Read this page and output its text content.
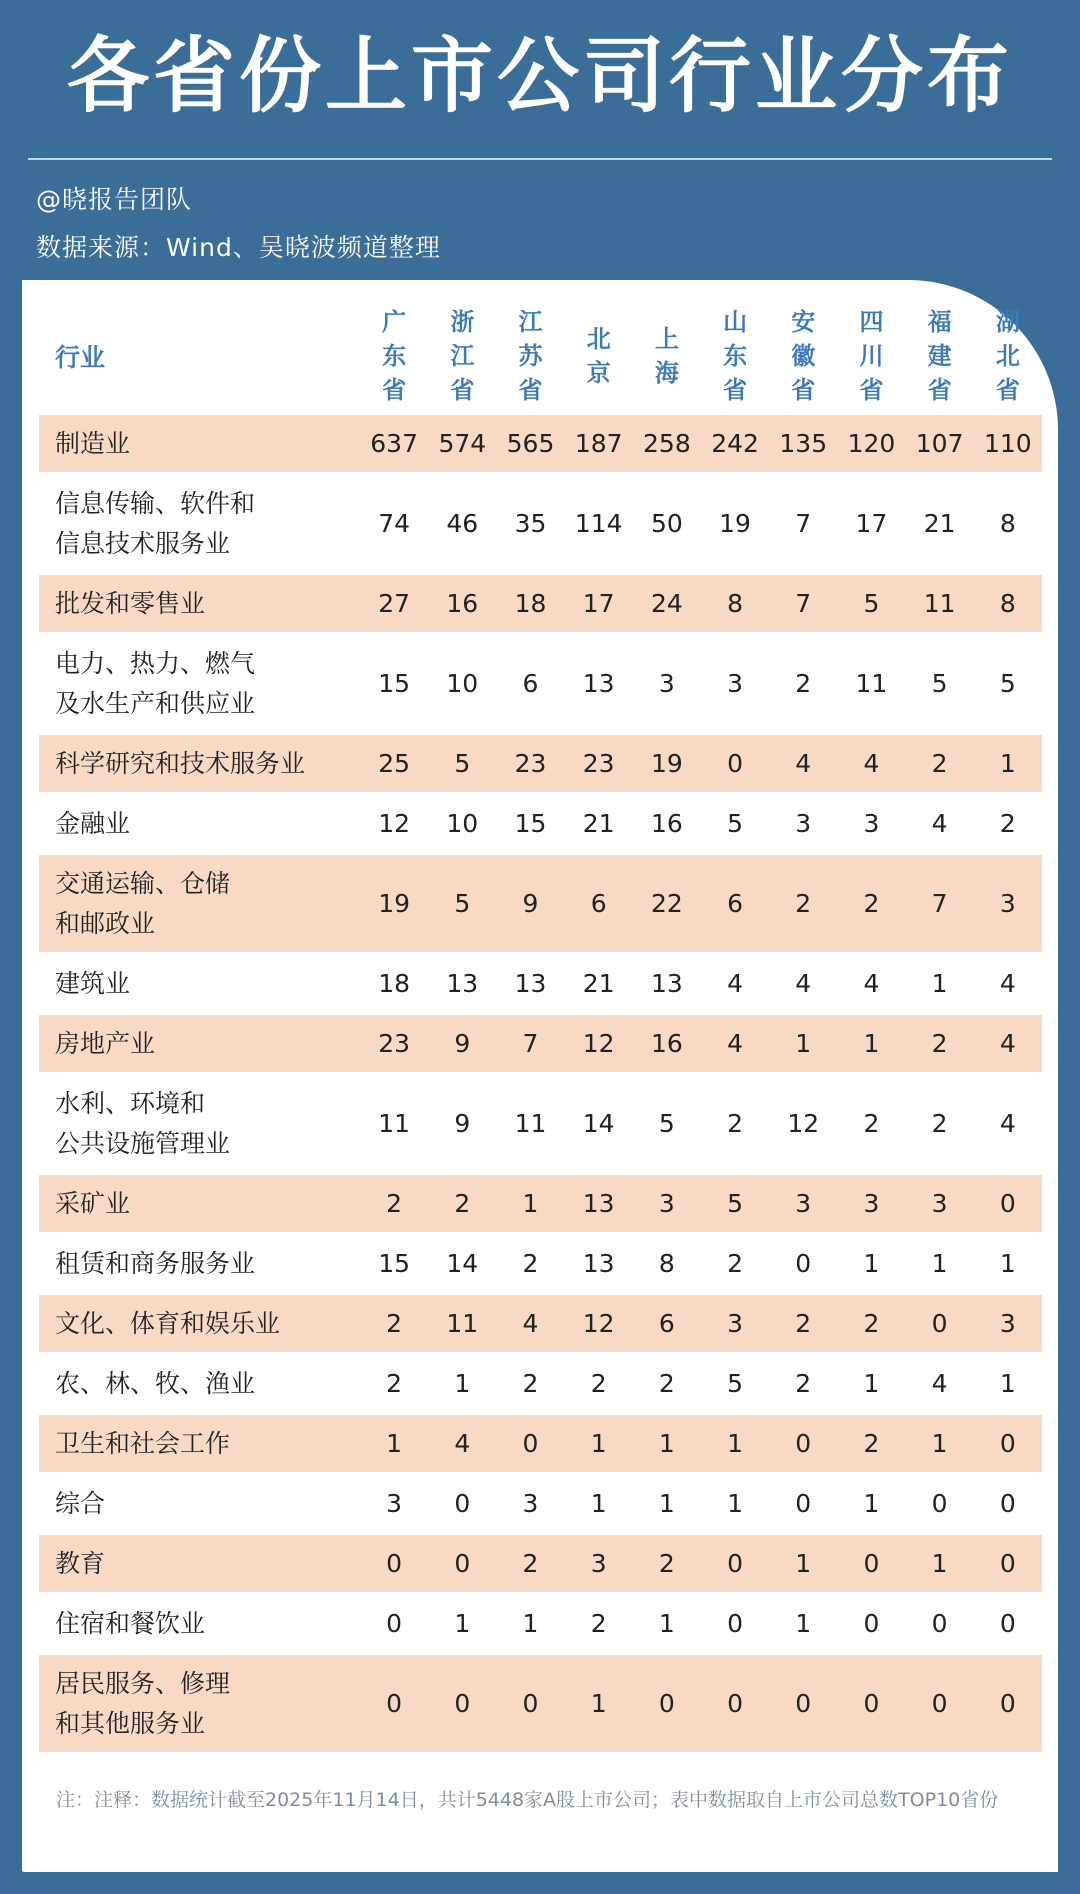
各省份上市公司行业分布

@晓报告团队

数据来源：Wind、吴晓波频道整理

行业	广东省	浙江省	江苏省	北京	上海	山东省	安徽省	四川省	福建省	湖北省
制造业	637	574	565	187	258	242	135	120	107	110
信息传输、软件和
信息技术服务业	74	46	35	114	50	19	7	17	21	8
批发和零售业	27	16	18	17	24	8	7	5	11	8
电力、热力、燃气
及水生产和供应业	15	10	6	13	3	3	2	11	5	5
科学研究和技术服务业	25	5	23	23	19	0	4	4	2	1
金融业	12	10	15	21	16	5	3	3	4	2
交通运输、仓储
和邮政业	19	5	9	6	22	6	2	2	7	3
建筑业	18	13	13	21	13	4	4	4	1	4
房地产业	23	9	7	12	16	4	1	1	2	4
水利、环境和
公共设施管理业	11	9	11	14	5	2	12	2	2	4
采矿业	2	2	1	13	3	5	3	3	3	0
租赁和商务服务业	15	14	2	13	8	2	0	1	1	1
文化、体育和娱乐业	2	11	4	12	6	3	2	2	0	3
农、林、牧、渔业	2	1	2	2	2	5	2	1	4	1
卫生和社会工作	1	4	0	1	1	1	0	2	1	0
综合	3	0	3	1	1	1	0	1	0	0
教育	0	0	2	3	2	0	1	0	1	0
住宿和餐饮业	0	1	1	2	1	0	1	0	0	0
居民服务、修理
和其他服务业	0	0	0	1	0	0	0	0	0	0

注：注释：数据统计截至2025年11月14日，共计5448家A股上市公司；表中数据取自上市公司总数TOP10省份
